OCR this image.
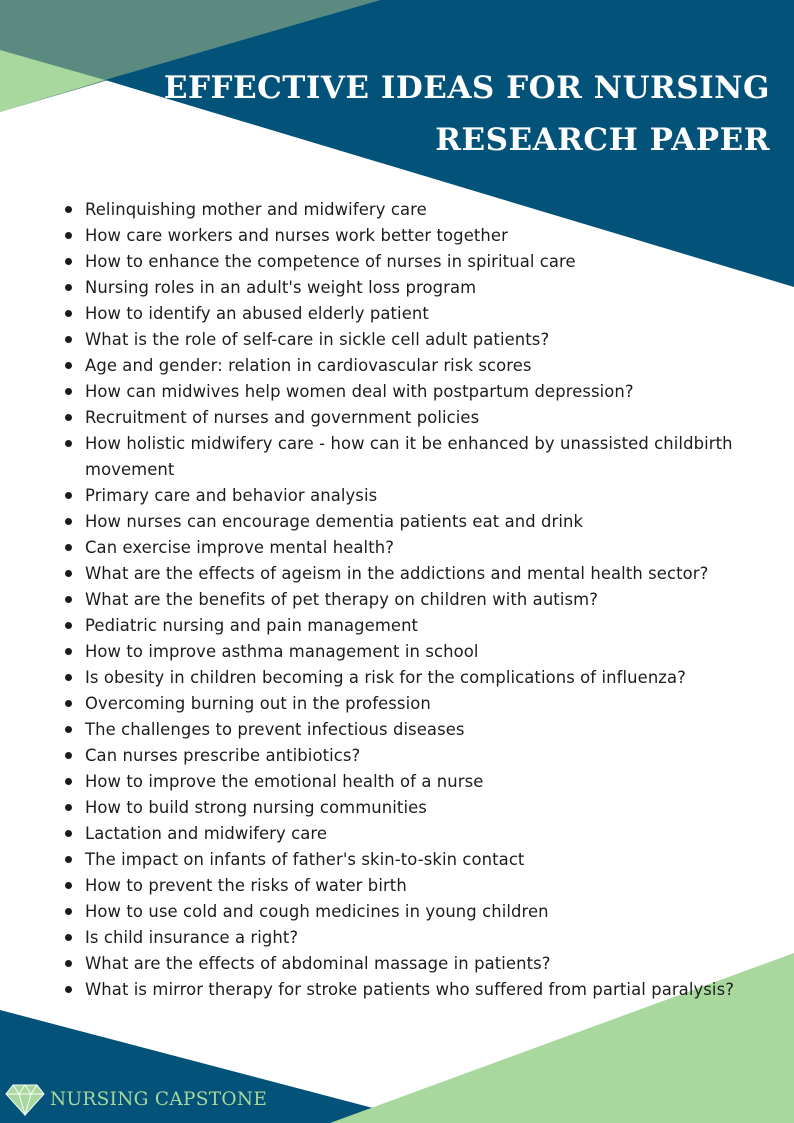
EFFECTIVE IDEAS FOR NURSING
RESEARCH PAPER
Relinquishing mother and midwifery care
How care workers and nurses work better together
How to enhance the competence of nurses in spiritual care
Nursing roles in an adult's weight loss program
How to identify an abused elderly patient
What is the role of self-care in sickle cell adult patients?
Age and gender: relation in cardiovascular risk scores
How can midwives help women deal with postpartum depression?
Recruitment of nurses and government policies
How holistic midwifery care - how can it be enhanced by unassisted childbirth movement
Primary care and behavior analysis
How nurses can encourage dementia patients eat and drink
Can exercise improve mental health?
What are the effects of ageism in the addictions and mental health sector?
What are the benefits of pet therapy on children with autism?
Pediatric nursing and pain management
How to improve asthma management in school
Is obesity in children becoming a risk for the complications of influenza?
Overcoming burning out in the profession
The challenges to prevent infectious diseases
Can nurses prescribe antibiotics?
How to improve the emotional health of a nurse
How to build strong nursing communities
Lactation and midwifery care
The impact on infants of father's skin-to-skin contact
How to prevent the risks of water birth
How to use cold and cough medicines in young children
Is child insurance a right?
What are the effects of abdominal massage in patients?
What is mirror therapy for stroke patients who suffered from partial paralysis?
NURSING CAPSTONE
